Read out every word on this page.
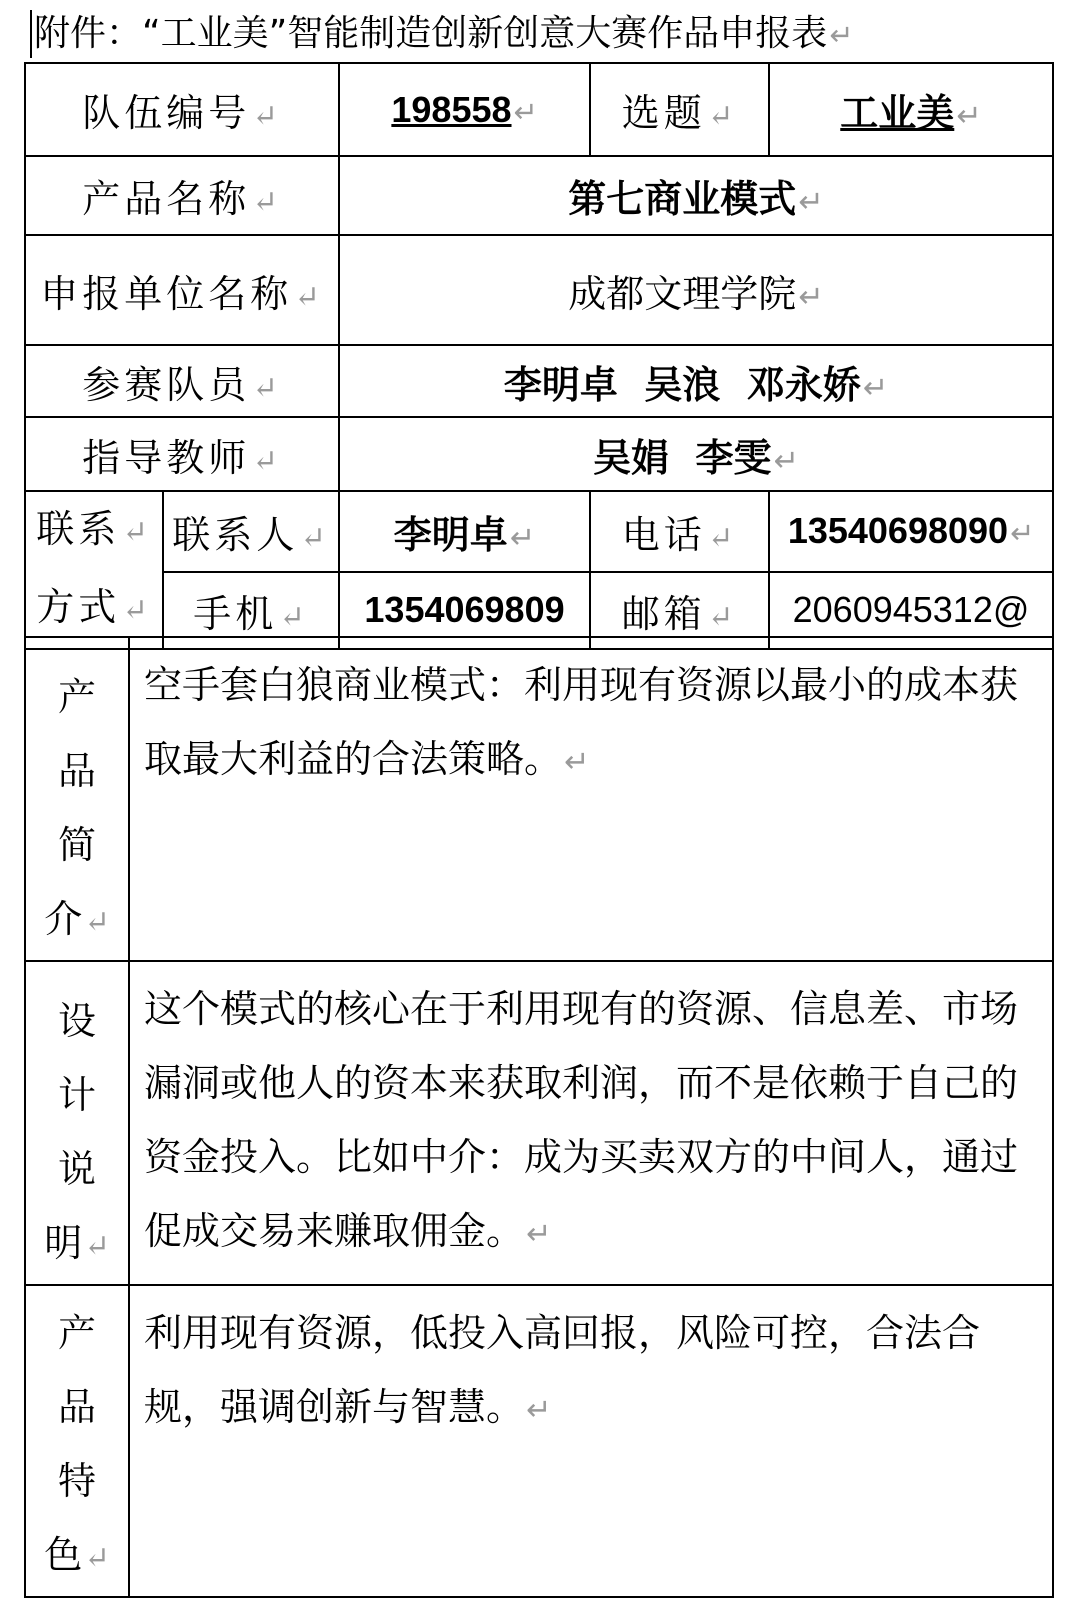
附件：“工业美”智能制造创新创意大赛作品申报表↵
队伍编号↵		198558↵	选题↵	工业美↵
产品名称↵		第七商业模式↵		
申报单位名称↵		成都文理学院↵		
参赛队员↵		李明卓  吴浪  邓永娇↵		
指导教师↵		吴娟  李雯↵		

联系↵
方式↵	联系人↵	李明卓↵	电话↵	13540698090↵
	手机↵	1354069809	邮箱↵	2060945312@
产
品
简
介↵	空手套白狼商业模式：利用现有资源以最小的成本获取最大利益的合法策略。↵

设
计
说
明↵	这个模式的核心在于利用现有的资源、信息差、市场漏洞或他人的资本来获取利润，而不是依赖于自己的资金投入。比如中介：成为买卖双方的中间人，通过促成交易来赚取佣金。↵

产
品
特
色↵	利用现有资源，低投入高回报，风险可控，合法合规，强调创新与智慧。↵
